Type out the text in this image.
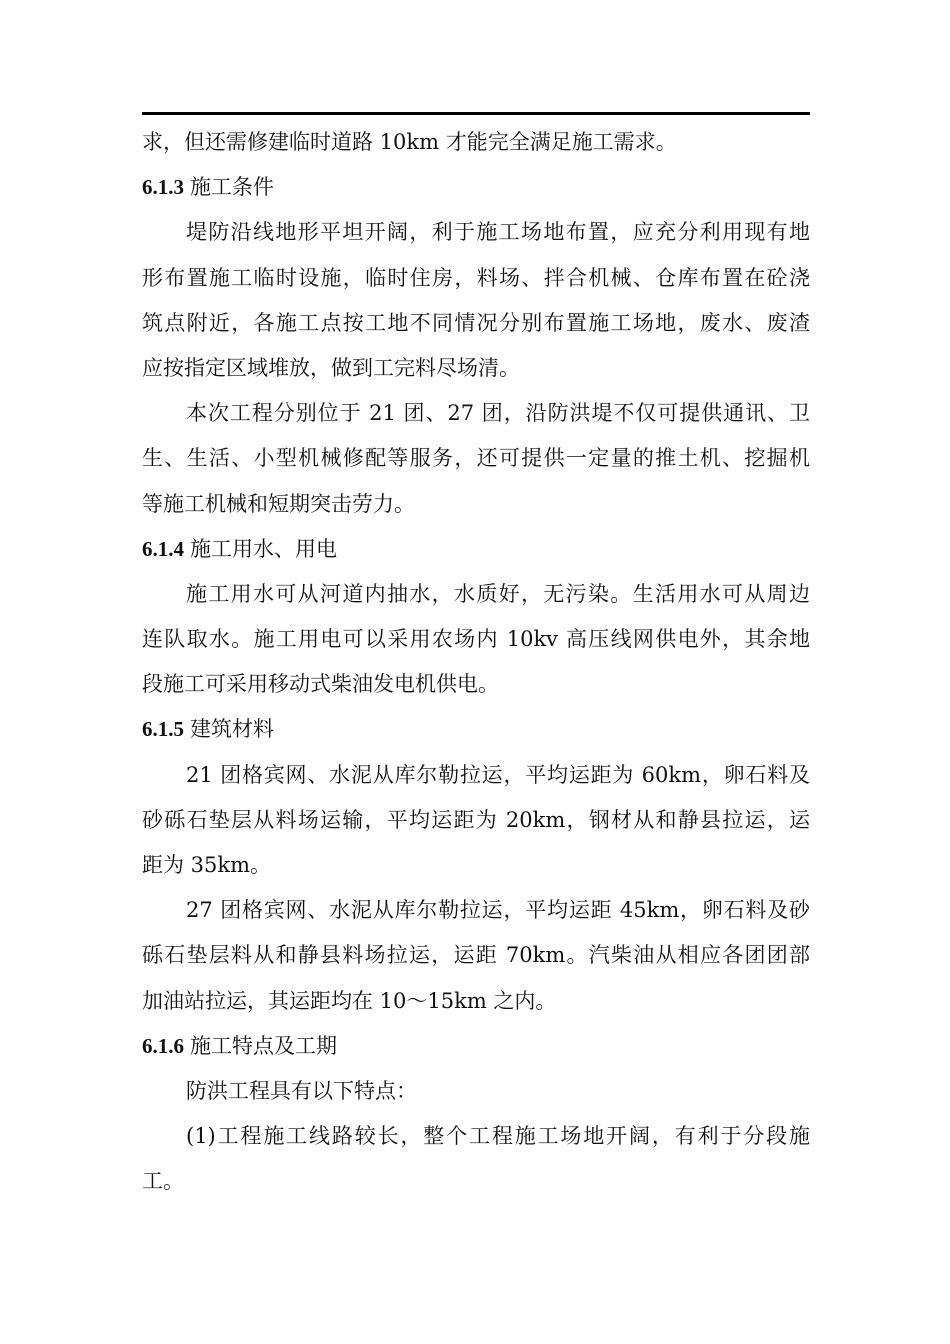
求，但还需修建临时道路 10km 才能完全满足施工需求。
6.1.3 施工条件
堤防沿线地形平坦开阔，利于施工场地布置，应充分利用现有地
形布置施工临时设施，临时住房，料场、拌合机械、仓库布置在砼浇
筑点附近，各施工点按工地不同情况分别布置施工场地，废水、废渣
应按指定区域堆放，做到工完料尽场清。
本次工程分别位于 21 团、27 团，沿防洪堤不仅可提供通讯、卫
生、生活、小型机械修配等服务，还可提供一定量的推土机、挖掘机
等施工机械和短期突击劳力。
6.1.4 施工用水、用电
施工用水可从河道内抽水，水质好，无污染。生活用水可从周边
连队取水。施工用电可以采用农场内 10kv 高压线网供电外，其余地
段施工可采用移动式柴油发电机供电。
6.1.5 建筑材料
21 团格宾网、水泥从库尔勒拉运，平均运距为 60km，卵石料及
砂砾石垫层从料场运输，平均运距为 20km，钢材从和静县拉运，运
距为 35km。
27 团格宾网、水泥从库尔勒拉运，平均运距 45km，卵石料及砂
砾石垫层料从和静县料场拉运，运距 70km。汽柴油从相应各团团部
加油站拉运，其运距均在 10～15km 之内。
6.1.6 施工特点及工期
防洪工程具有以下特点：
(1)工程施工线路较长，整个工程施工场地开阔，有利于分段施
工。
